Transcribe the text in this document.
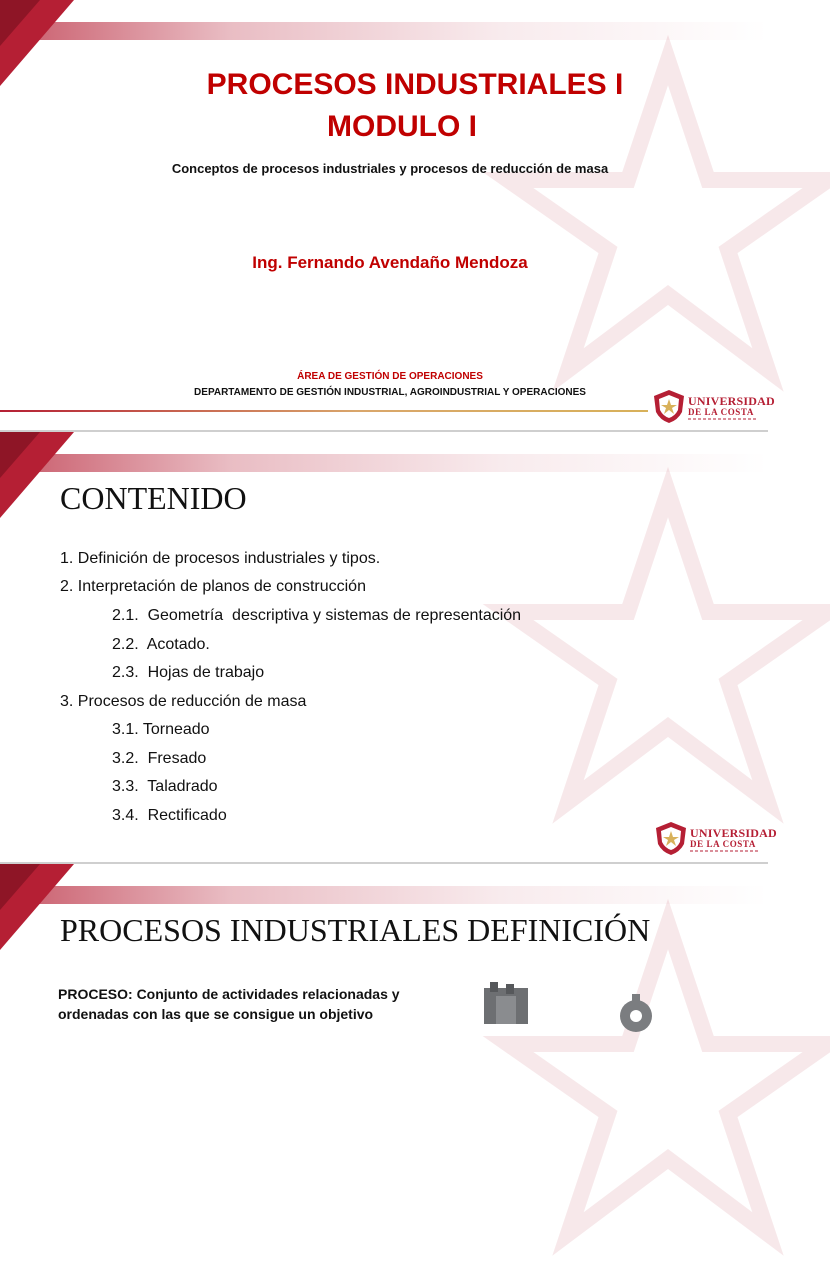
PROCESOS INDUSTRIALES I
MODULO I
Conceptos de procesos industriales y procesos de reducción de masa
Ing. Fernando Avendaño Mendoza
ÁREA DE GESTIÓN DE OPERACIONES
DEPARTAMENTO DE GESTIÓN INDUSTRIAL, AGROINDUSTRIAL Y OPERACIONES
UNIVERSIDAD
DE LA COSTA
CONTENIDO
1. Definición de procesos industriales y tipos.
2. Interpretación de planos de construcción
2.1.  Geometría  descriptiva y sistemas de representación
2.2.  Acotado.
2.3.  Hojas de trabajo
3. Procesos de reducción de masa
3.1. Torneado
3.2.  Fresado
3.3.  Taladrado
3.4.  Rectificado
UNIVERSIDAD
DE LA COSTA
PROCESOS INDUSTRIALES DEFINICIÓN
PROCESO: Conjunto de actividades relacionadas y ordenadas con las que se consigue un objetivo
